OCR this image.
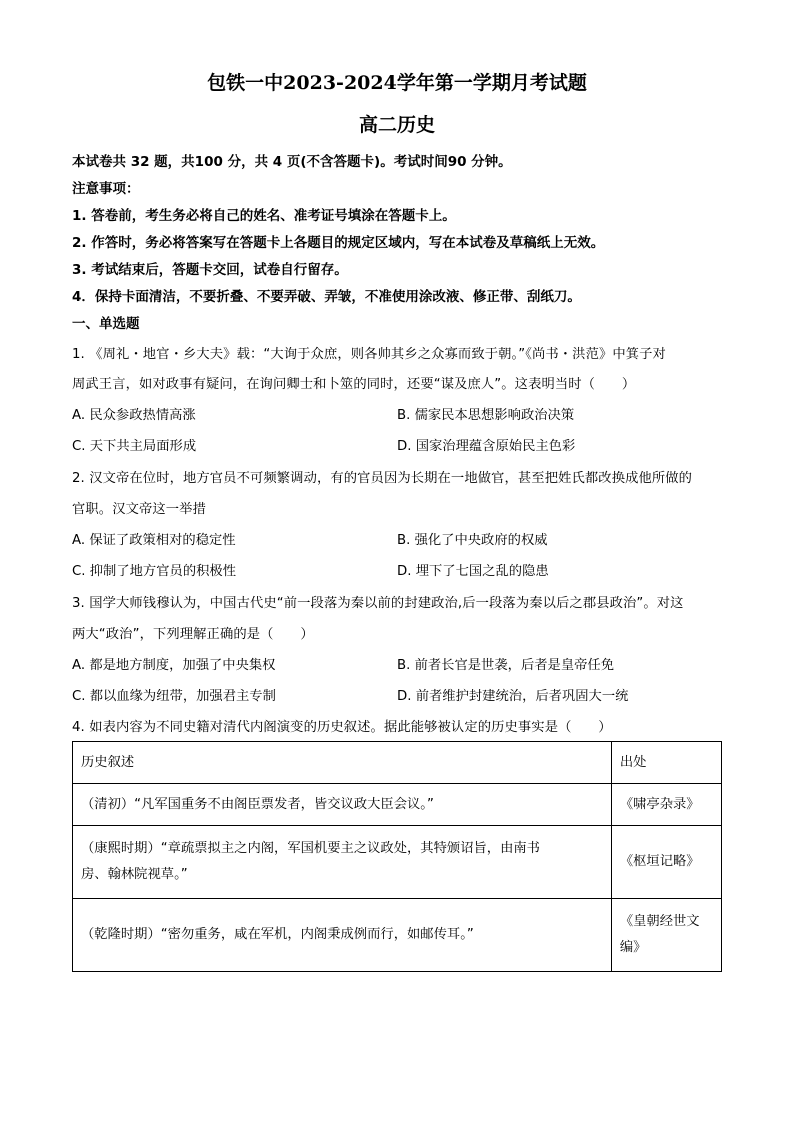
包铁一中2023-2024学年第一学期月考试题
高二历史
本试卷共 32 题，共100 分，共 4 页(不含答题卡)。考试时间90 分钟。
注意事项：
1. 答卷前，考生务必将自己的姓名、准考证号填涂在答题卡上。
2. 作答时，务必将答案写在答题卡上各题目的规定区域内，写在本试卷及草稿纸上无效。
3. 考试结束后，答题卡交回，试卷自行留存。
4．保持卡面清洁，不要折叠、不要弄破、弄皱，不准使用涂改液、修正带、刮纸刀。
一、单选题
1. 《周礼・地官・乡大夫》载：“大询于众庶，则各帅其乡之众寡而致于朝。”《尚书・洪范》中箕子对
周武王言，如对政事有疑问，在询问卿士和卜筮的同时，还要“谋及庶人”。这表明当时（　　）
A. 民众参政热情高涨	B. 儒家民本思想影响政治决策
C. 天下共主局面形成	D. 国家治理蕴含原始民主色彩
2. 汉文帝在位时，地方官员不可频繁调动，有的官员因为长期在一地做官，甚至把姓氏都改换成他所做的
官职。汉文帝这一举措
A. 保证了政策相对的稳定性	B. 强化了中央政府的权威
C. 抑制了地方官员的积极性	D. 埋下了七国之乱的隐患
3. 国学大师钱穆认为，中国古代史“前一段落为秦以前的封建政治,后一段落为秦以后之郡县政治”。对这
两大“政治”，下列理解正确的是（　　）
A. 都是地方制度，加强了中央集权	B. 前者长官是世袭，后者是皇帝任免
C. 都以血缘为纽带，加强君主专制	D. 前者维护封建统治，后者巩固大一统
4. 如表内容为不同史籍对清代内阁演变的历史叙述。据此能够被认定的历史事实是（　　）
历史叙述	出处
（清初）“凡军国重务不由阁臣票发者，皆交议政大臣会议。”	《啸亭杂录》
（康熙时期）“章疏票拟主之内阁，军国机要主之议政处，其特颁诏旨，由南书
房、翰林院视草。”	《枢垣记略》
（乾隆时期）“密勿重务，咸在军机，内阁秉成例而行，如邮传耳。”	《皇朝经世文
编》
